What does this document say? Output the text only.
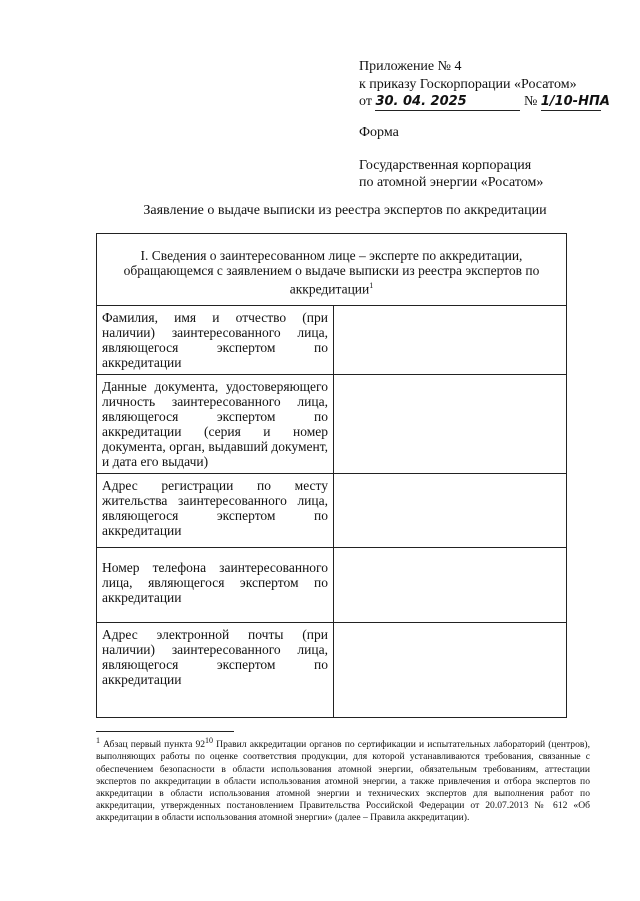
Приложение № 4
к приказу Госкорпорации «Росатом»
от 30. 04. 2025	№ 1/10-НПА
Форма
Государственная корпорация
по атомной энергии «Росатом»
Заявление о выдаче выписки из реестра экспертов по аккредитации
I. Сведения о заинтересованном лице – эксперте по аккредитации, обращающемся с заявлением о выдаче выписки из реестра экспертов по аккредитации$^1$
Фамилия, имя и отчество (при наличии) заинтересованного лица, являющегося экспертом по аккредитации	
Данные документа, удостоверяющего личность заинтересованного лица, являющегося экспертом по аккредитации (серия и номер документа, орган, выдавший документ, и дата его выдачи)	
Адрес регистрации по месту жительства заинтересованного лица, являющегося экспертом по аккредитации	
Номер телефона заинтересованного лица, являющегося экспертом по аккредитации	
Адрес электронной почты (при наличии) заинтересованного лица, являющегося экспертом по аккредитации	
$^1$ Абзац первый пункта $92^{10}$ Правил аккредитации органов по сертификации и испытательных лабораторий (центров), выполняющих работы по оценке соответствия продукции, для которой устанавливаются требования, связанные с обеспечением безопасности в области использования атомной энергии, обязательным требованиям, аттестации экспертов по аккредитации в области использования атомной энергии, а также привлечения и отбора экспертов по аккредитации в области использования атомной энергии и технических экспертов для выполнения работ по аккредитации, утвержденных постановлением Правительства Российской Федерации от 20.07.2013 № 612 «Об аккредитации в области использования атомной энергии» (далее – Правила аккредитации).
